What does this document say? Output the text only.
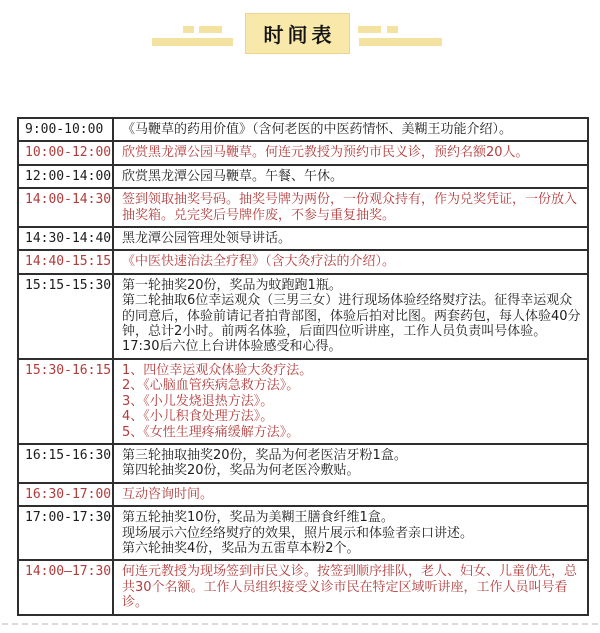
时间表
9:00-10:00	《马鞭草的药用价值》（含何老医的中医药情怀、美糊王功能介绍）。
10:00-12:00 欣赏黑龙潭公园马鞭草。何连元教授为预约市民义诊，预约名额20人。
12:00-14:00 欣赏黑龙潭公园马鞭草。午餐、午休。
14:00-14:30 签到领取抽奖号码。抽奖号牌为两份，一份观众持有，作为兑奖凭证，一份放入抽奖箱。兑完奖后号牌作废，不参与重复抽奖。
14:30-14:40 黑龙潭公园管理处领导讲话。
14:40-15:15 《中医快速治法全疗程》（含大灸疗法的介绍）。
15:15-15:30 第一轮抽奖20份，奖品为蚊跑跑1瓶。
第二轮抽取6位幸运观众（三男三女）进行现场体验经络熨疗法。征得幸运观众的同意后，体验前请记者拍背部图，体验后拍对比图。两套药包，每人体验40分钟，总计2小时。前两名体验，后面四位听讲座，工作人员负责叫号体验。17:30后六位上台讲体验感受和心得。
15:30-16:15 1、四位幸运观众体验大灸疗法。
2、《心脑血管疾病急救方法》。
3、《小儿发烧退热方法》。
4、《小儿积食处理方法》。
5、《女性生理疼痛缓解方法》。
16:15-16:30 第三轮抽取抽奖20份，奖品为何老医洁牙粉1盒。
第四轮抽奖20份，奖品为何老医冷敷贴。
16:30-17:00 互动咨询时间。
17:00-17:30 第五轮抽奖10份，奖品为美糊王膳食纤维1盒。
现场展示六位经络熨疗的效果，照片展示和体验者亲口讲述。
第六轮抽奖4份，奖品为五雷草本粉2个。
14:00—17:30 何连元教授为现场签到市民义诊。按签到顺序排队，老人、妇女、儿童优先，总共30个名额。工作人员组织接受义诊市民在特定区域听讲座，工作人员叫号看诊。
